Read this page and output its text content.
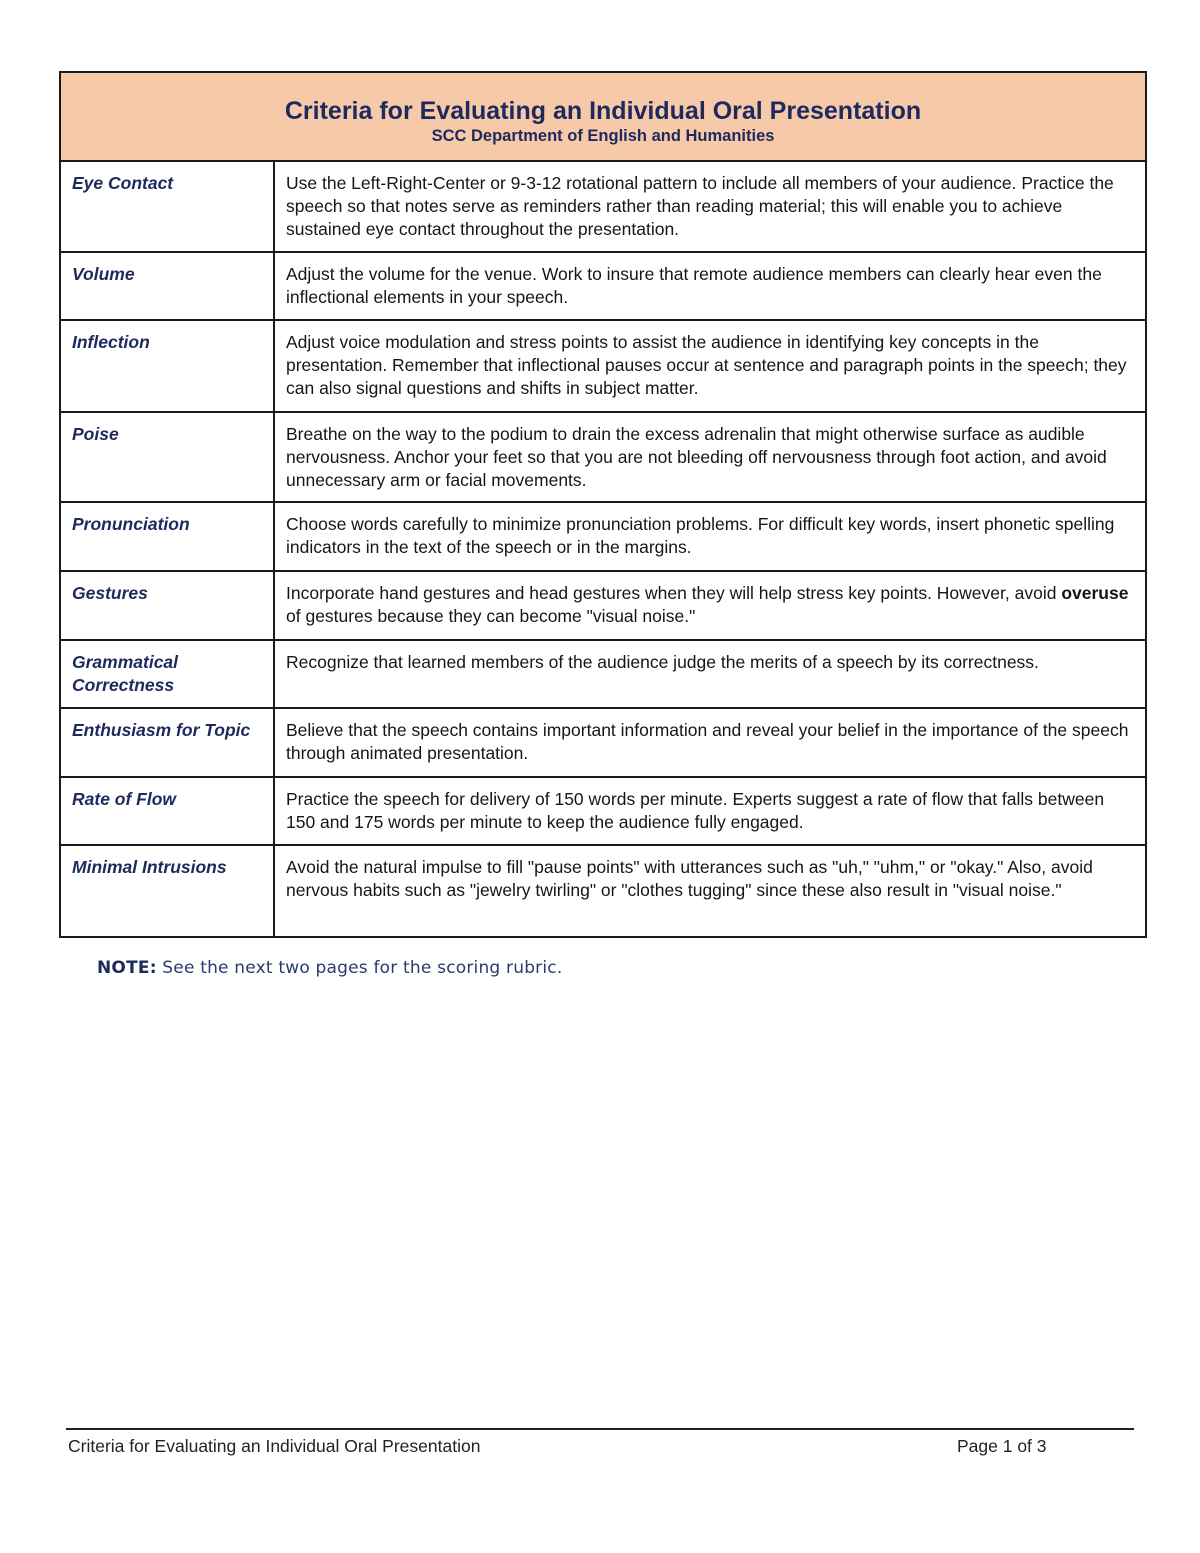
Criteria for Evaluating an Individual Oral Presentation
SCC Department of English and Humanities	

Eye Contact	Use the Left-Right-Center or 9-3-12 rotational pattern to include all members of your audience. Practice the speech so that notes serve as reminders rather than reading material; this will enable you to achieve sustained eye contact throughout the presentation.
Volume	Adjust the volume for the venue. Work to insure that remote audience members can clearly hear even the inflectional elements in your speech.
Inflection	Adjust voice modulation and stress points to assist the audience in identifying key concepts in the presentation. Remember that inflectional pauses occur at sentence and paragraph points in the speech; they can also signal questions and shifts in subject matter.
Poise	Breathe on the way to the podium to drain the excess adrenalin that might otherwise surface as audible nervousness. Anchor your feet so that you are not bleeding off nervousness through foot action, and avoid unnecessary arm or facial movements.
Pronunciation	Choose words carefully to minimize pronunciation problems. For difficult key words, insert phonetic spelling indicators in the text of the speech or in the margins.
Gestures	Incorporate hand gestures and head gestures when they will help stress key points. However, avoid overuse of gestures because they can become "visual noise."
Grammatical Correctness	Recognize that learned members of the audience judge the merits of a speech by its correctness.
Enthusiasm for Topic	Believe that the speech contains important information and reveal your belief in the importance of the speech through animated presentation.
Rate of Flow	Practice the speech for delivery of 150 words per minute. Experts suggest a rate of flow that falls between 150 and 175 words per minute to keep the audience fully engaged.
Minimal Intrusions	Avoid the natural impulse to fill "pause points" with utterances such as "uh," "uhm," or "okay." Also, avoid nervous habits such as "jewelry twirling" or "clothes tugging" since these also result in "visual noise."
NOTE: See the next two pages for the scoring rubric.
Criteria for Evaluating an Individual Oral Presentation	Page 1 of 3
